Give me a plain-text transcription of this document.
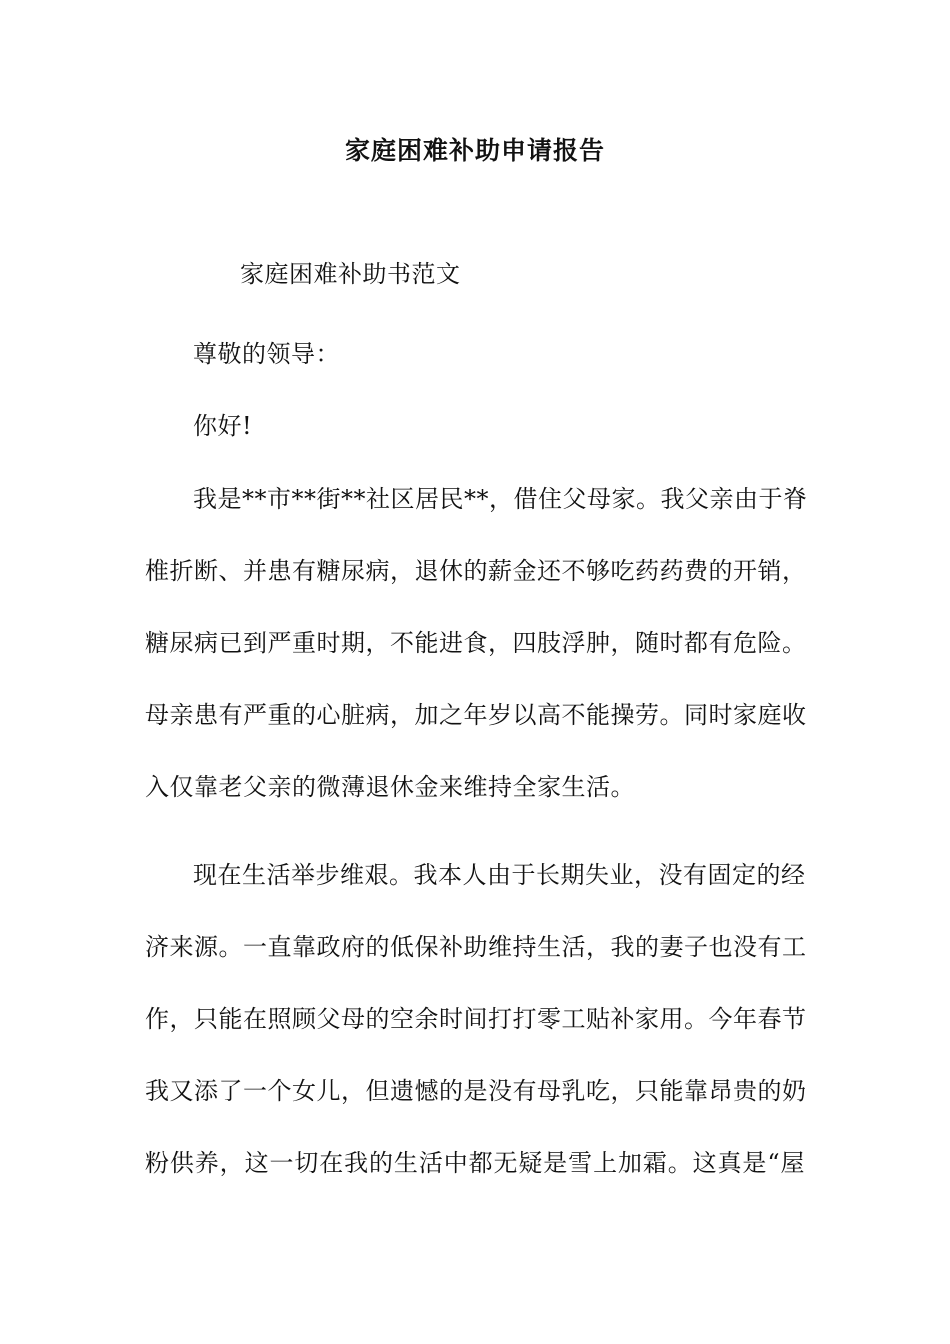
家庭困难补助申请报告
家庭困难补助书范文
尊敬的领导：
你好!
我是**市**街**社区居民**，借住父母家。我父亲由于脊
椎折断、并患有糖尿病，退休的薪金还不够吃药药费的开销，
糖尿病已到严重时期，不能进食，四肢浮肿，随时都有危险。
母亲患有严重的心脏病，加之年岁以高不能操劳。同时家庭收
入仅靠老父亲的微薄退休金来维持全家生活。
现在生活举步维艰。我本人由于长期失业，没有固定的经
济来源。一直靠政府的低保补助维持生活，我的妻子也没有工
作，只能在照顾父母的空余时间打打零工贴补家用。今年春节
我又添了一个女儿，但遗憾的是没有母乳吃，只能靠昂贵的奶
粉供养，这一切在我的生活中都无疑是雪上加霜。这真是“屋
